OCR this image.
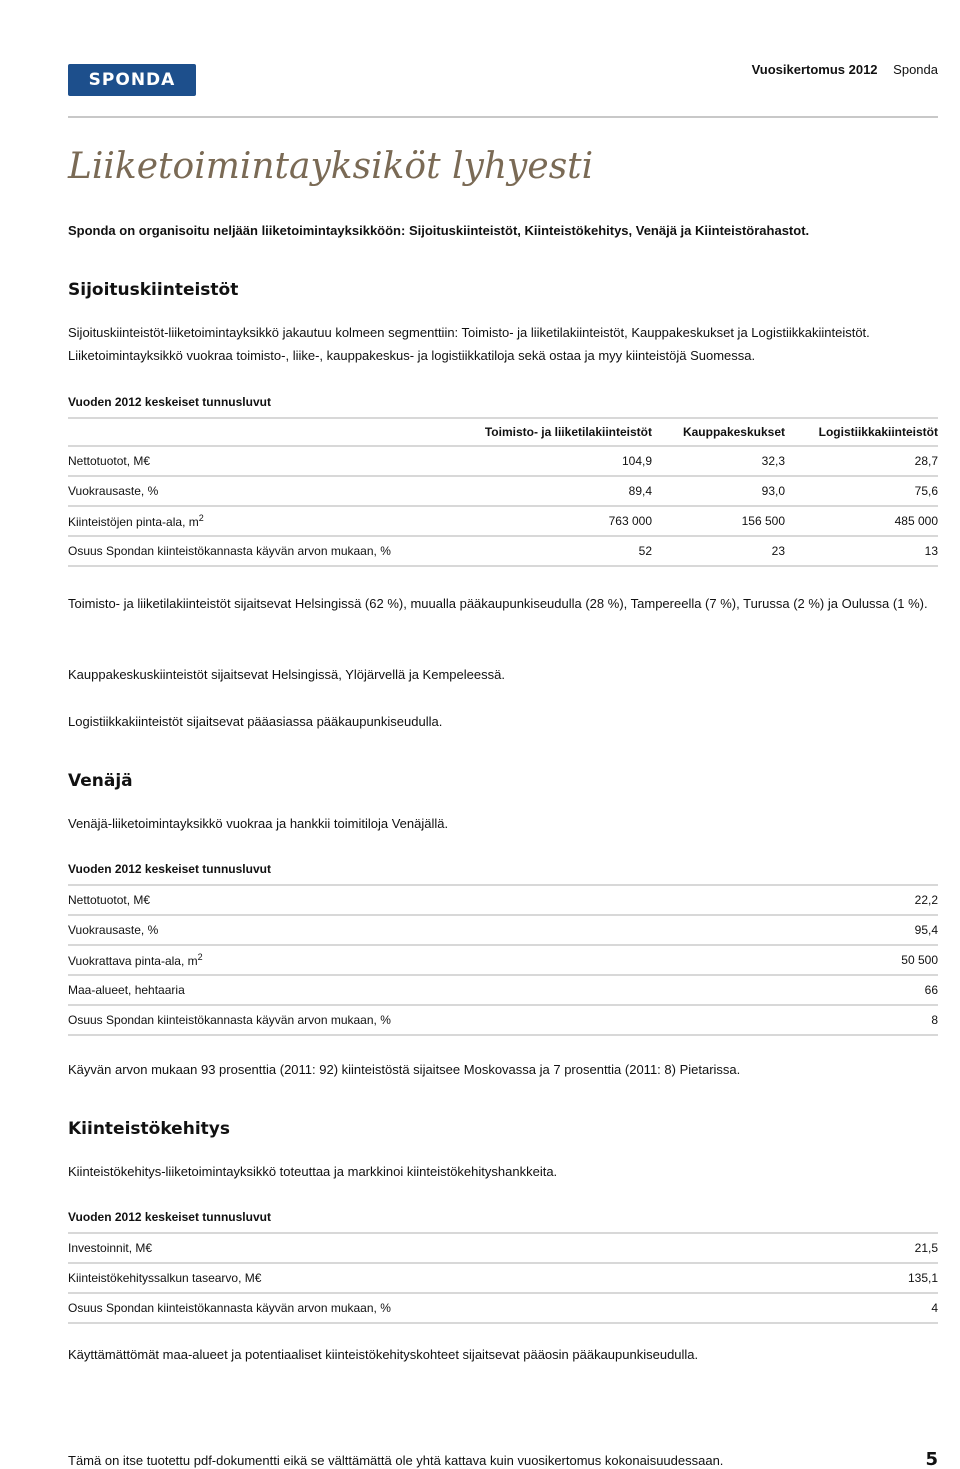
SPONDA
Vuosikertomus 2012 Sponda
Liiketoimintayksiköt lyhyesti

Sponda on organisoitu neljään liiketoimintayksikköön: Sijoituskiinteistöt, Kiinteistökehitys, Venäjä ja Kiinteistörahastot.

Sijoituskiinteistöt

Sijoituskiinteistöt-liiketoimintayksikkö jakautuu kolmeen segmenttiin: Toimisto- ja liiketilakiinteistöt, Kauppakeskukset ja Logistiikkakiinteistöt. Liiketoimintayksikkö vuokraa toimisto-, liike-, kauppakeskus- ja logistiikkatiloja sekä ostaa ja myy kiinteistöjä Suomessa.

Vuoden 2012 keskeiset tunnusluvut
	Toimisto- ja liiketilakiinteistöt	Kauppakeskukset	Logistiikkakiinteistöt
Nettotuotot, M€	104,9	32,3	28,7
Vuokrausaste, %	89,4	93,0	75,6
Kiinteistöjen pinta-ala, $m^2$	763 000	156 500	485 000
Osuus Spondan kiinteistökannasta käyvän arvon mukaan, %	52	23	13

Toimisto- ja liiketilakiinteistöt sijaitsevat Helsingissä (62 %), muualla pääkaupunkiseudulla (28 %), Tampereella (7 %), Turussa (2 %) ja Oulussa (1 %).

Kauppakeskuskiinteistöt sijaitsevat Helsingissä, Ylöjärvellä ja Kempeleessä.

Logistiikkakiinteistöt sijaitsevat pääasiassa pääkaupunkiseudulla.

Venäjä

Venäjä-liiketoimintayksikkö vuokraa ja hankkii toimitiloja Venäjällä.

Vuoden 2012 keskeiset tunnusluvut
Nettotuotot, M€	22,2
Vuokrausaste, %	95,4
Vuokrattava pinta-ala, $m^2$	50 500
Maa-alueet, hehtaaria	66
Osuus Spondan kiinteistökannasta käyvän arvon mukaan, %	8

Käyvän arvon mukaan 93 prosenttia (2011: 92) kiinteistöstä sijaitsee Moskovassa ja 7 prosenttia (2011: 8) Pietarissa.

Kiinteistökehitys

Kiinteistökehitys-liiketoimintayksikkö toteuttaa ja markkinoi kiinteistökehityshankkeita.

Vuoden 2012 keskeiset tunnusluvut
Investoinnit, M€	21,5
Kiinteistökehityssalkun tasearvo, M€	135,1
Osuus Spondan kiinteistökannasta käyvän arvon mukaan, %	4

Käyttämättömät maa-alueet ja potentiaaliset kiinteistökehityskohteet sijaitsevat pääosin pääkaupunkiseudulla.

Tämä on itse tuotettu pdf-dokumentti eikä se välttämättä ole yhtä kattava kuin vuosikertomus kokonaisuudessaan.	5
